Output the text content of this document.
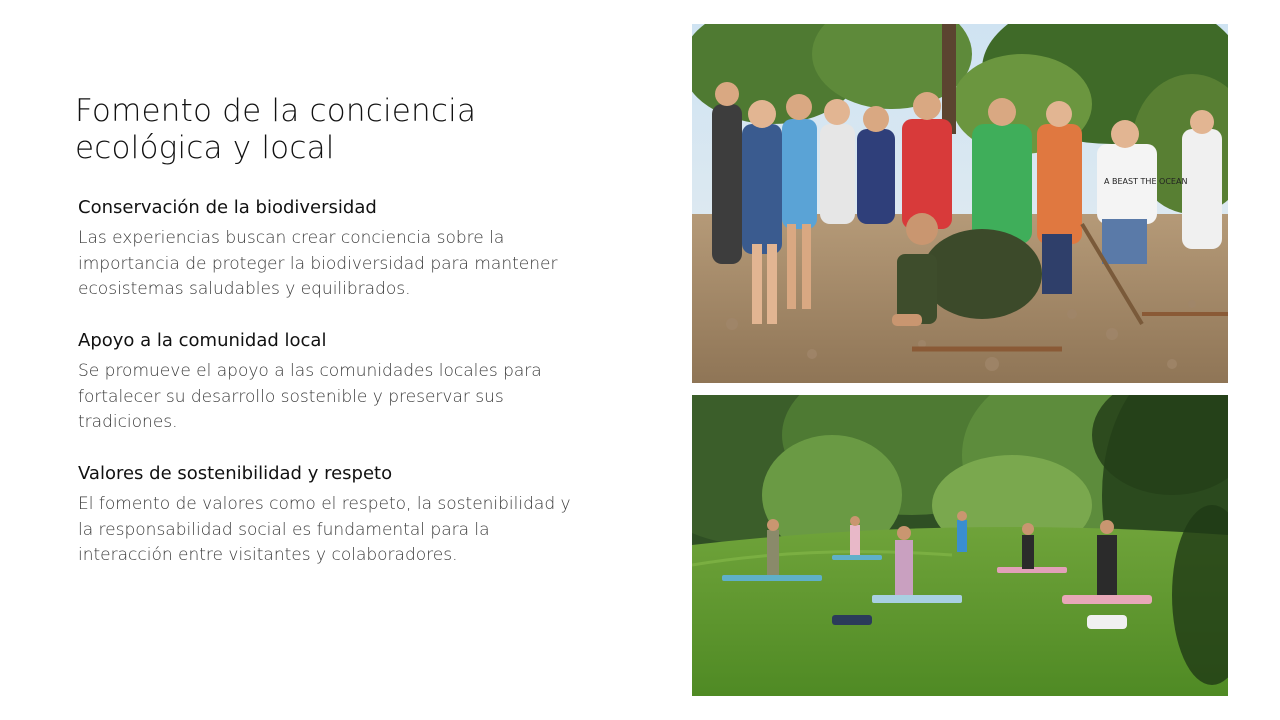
Fomento de la conciencia
ecológica y local
Conservación de la biodiversidad

Las experiencias buscan crear conciencia sobre la importancia de proteger la biodiversidad para mantener ecosistemas saludables y equilibrados.

Apoyo a la comunidad local

Se promueve el apoyo a las comunidades locales para fortalecer su desarrollo sostenible y preservar sus tradiciones.

Valores de sostenibilidad y respeto

El fomento de valores como el respeto, la sostenibilidad y la responsabilidad social es fundamental para la interacción entre visitantes y colaboradores.

A BEAST THE OCEAN
